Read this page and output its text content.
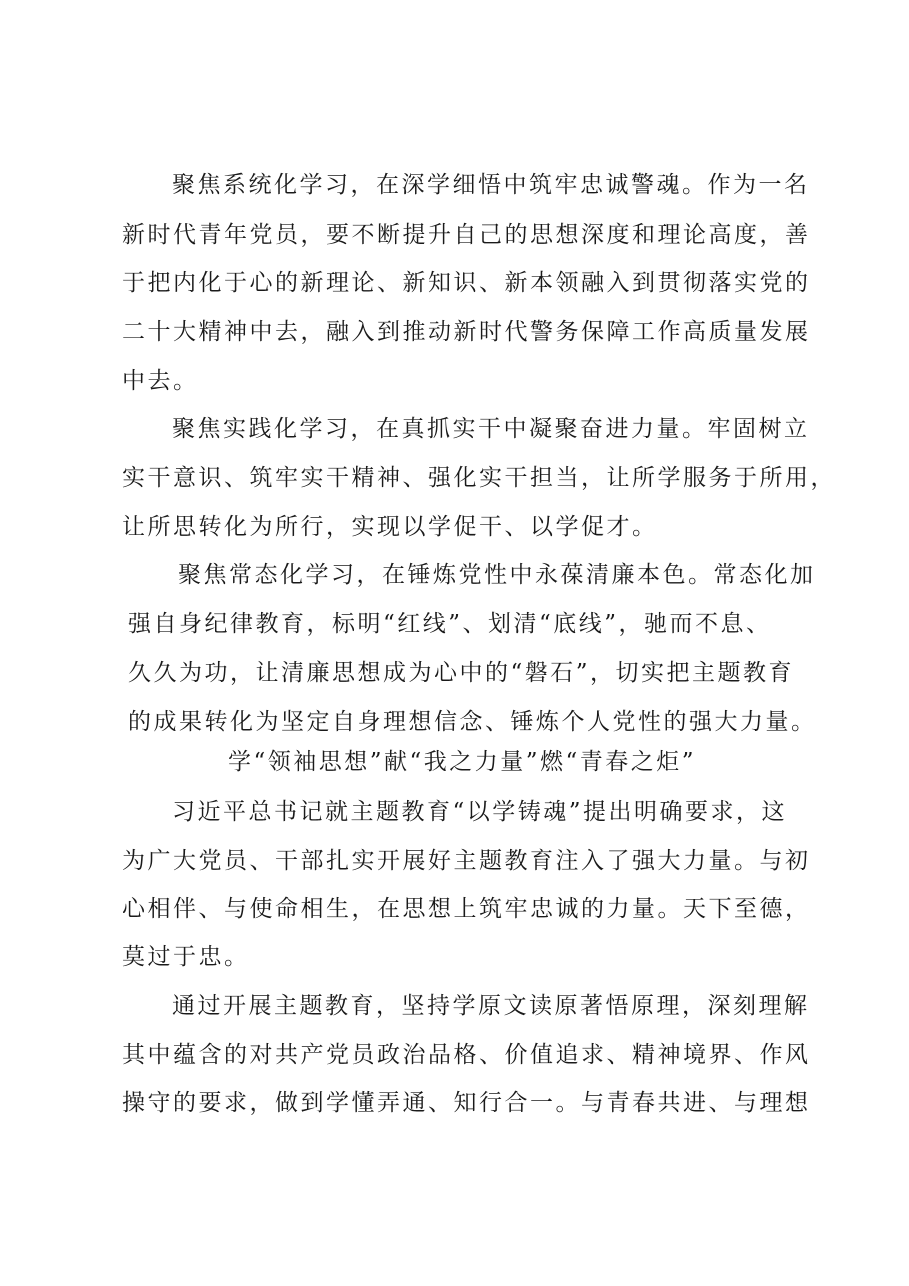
聚焦系统化学习，在深学细悟中筑牢忠诚警魂。作为一名
新时代青年党员，要不断提升自己的思想深度和理论高度，善
于把内化于心的新理论、新知识、新本领融入到贯彻落实党的
二十大精神中去，融入到推动新时代警务保障工作高质量发展
中去。
聚焦实践化学习，在真抓实干中凝聚奋进力量。牢固树立
实干意识、筑牢实干精神、强化实干担当，让所学服务于所用，
让所思转化为所行，实现以学促干、以学促才。
聚焦常态化学习，在锤炼党性中永葆清廉本色。常态化加
强自身纪律教育，标明“红线”、划清“底线”，驰而不息、
久久为功，让清廉思想成为心中的“磐石”，切实把主题教育
的成果转化为坚定自身理想信念、锤炼个人党性的强大力量。
学“领袖思想”献“我之力量”燃“青春之炬”
习近平总书记就主题教育“以学铸魂”提出明确要求，这
为广大党员、干部扎实开展好主题教育注入了强大力量。与初
心相伴、与使命相生，在思想上筑牢忠诚的力量。天下至德，
莫过于忠。
通过开展主题教育，坚持学原文读原著悟原理，深刻理解
其中蕴含的对共产党员政治品格、价值追求、精神境界、作风
操守的要求，做到学懂弄通、知行合一。与青春共进、与理想
